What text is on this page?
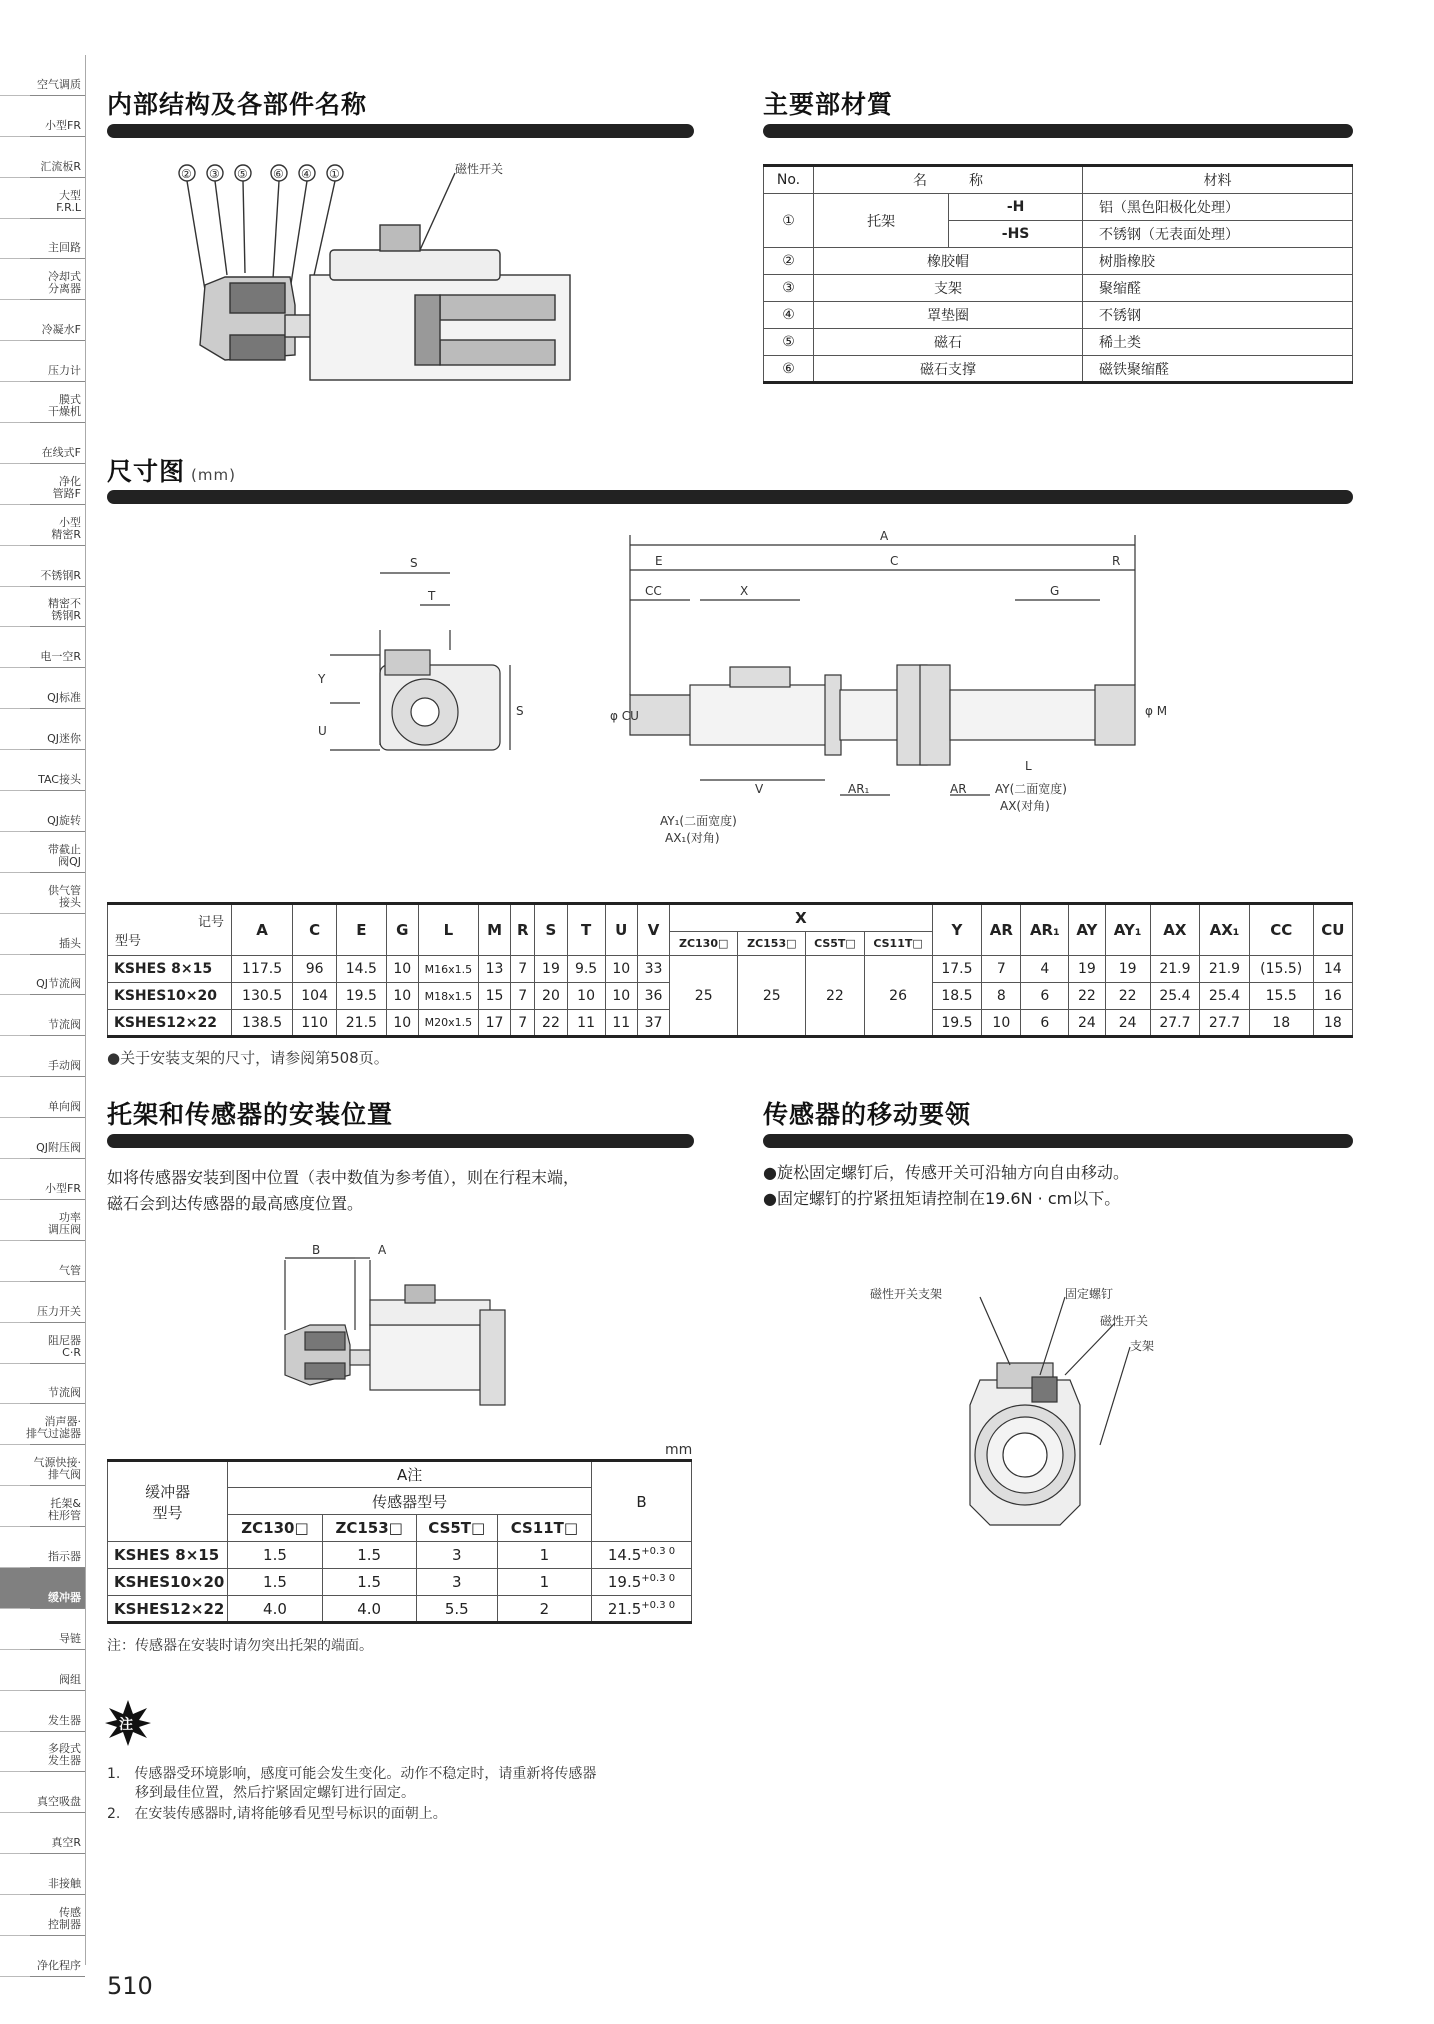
空气调质
小型FR
汇流板R
大型
F.R.L
主回路
冷却式
分离器
冷凝水F
压力计
膜式
干燥机
在线式F
净化
管路F
小型
精密R
不锈钢R
精密不
锈钢R
电一空R
QJ标准
QJ迷你
TAC接头
QJ旋转
带截止
阀QJ
供气管
接头
插头
QJ节流阀
节流阀
手动阀
单向阀
QJ附压阀
小型FR
功率
调压阀
气管
压力开关
阻尼器
C·R
节流阀
消声器·
排气过滤器
气源快接·
排气阀
托架&
柱形管
指示器
缓冲器
导链
阀组
发生器
多段式
发生器
真空吸盘
真空R
非接触
传感
控制器
净化程序
内部结构及各部件名称
磁性开关
② ③ ⑤ ⑥ ④ ①
主要部材質
No.	名　　　称		材料
①	托架	-H	铝（黑色阳极化处理）
		-HS	不锈钢（无表面处理）
②	橡胶帽		树脂橡胶
③	支架		聚缩醛
④	罩垫圈		不锈钢
⑤	磁石		稀土类
⑥	磁石支撑		磁铁聚缩醛
尺寸图 (mm)
S
T
Y
U
S	φ CU	φ M
A
E	C	R
CC	X	G
L
V	AR₁	AR AY(二面宽度)
AX(对角)
AY₁(二面宽度)
AX₁(对角)
记号
型号	A	C	E	G	L	M	R	S	T	U	V	X				Y	AR	AR₁	AY	AY₁	AX	AX₁	CC	CU
												ZC130□	ZC153□	CS5T□	CS11T□									
KSHES 8×15	117.5	96	14.5	10	M16x1.5	13	7	19	9.5	10	33	25	25	22	26	17.5	7	4	19	19	21.9	21.9	(15.5)	14
KSHES10×20	130.5	104	19.5	10	M18x1.5	15	7	20	10	10	36					18.5	8	6	22	22	25.4	25.4	15.5	16
KSHES12×22	138.5	110	21.5	10	M20x1.5	17	7	22	11	11	37					19.5	10	6	24	24	27.7	27.7	18	18
●关于安装支架的尺寸，请参阅第508页。
托架和传感器的安装位置
如将传感器安装到图中位置（表中数值为参考值），则在行程末端，
磁石会到达传感器的最高感度位置。
B	A
mm
缓冲器
型号	A注				B
	传感器型号				
	ZC130□	ZC153□	CS5T□	CS11T□	
KSHES 8×15	1.5	1.5	3	1	$14.5^{+0.3 0}$
KSHES10×20	1.5	1.5	3	1	$19.5^{+0.3 0}$
KSHES12×22	4.0	4.0	5.5	2	$21.5^{+0.3 0}$
注：传感器在安装时请勿突出托架的端面。
传感器的移动要领
●旋松固定螺钉后，传感开关可沿轴方向自由移动。
●固定螺钉的拧紧扭矩请控制在19.6N · cm以下。
磁性开关支架	固定螺钉
磁性开关
支架
注
1.　传感器受环境影响，感度可能会发生变化。动作不稳定时，请重新将传感器
　　移到最佳位置，然后拧紧固定螺钉进行固定。
2.　在安装传感器时,请将能够看见型号标识的面朝上。
510
